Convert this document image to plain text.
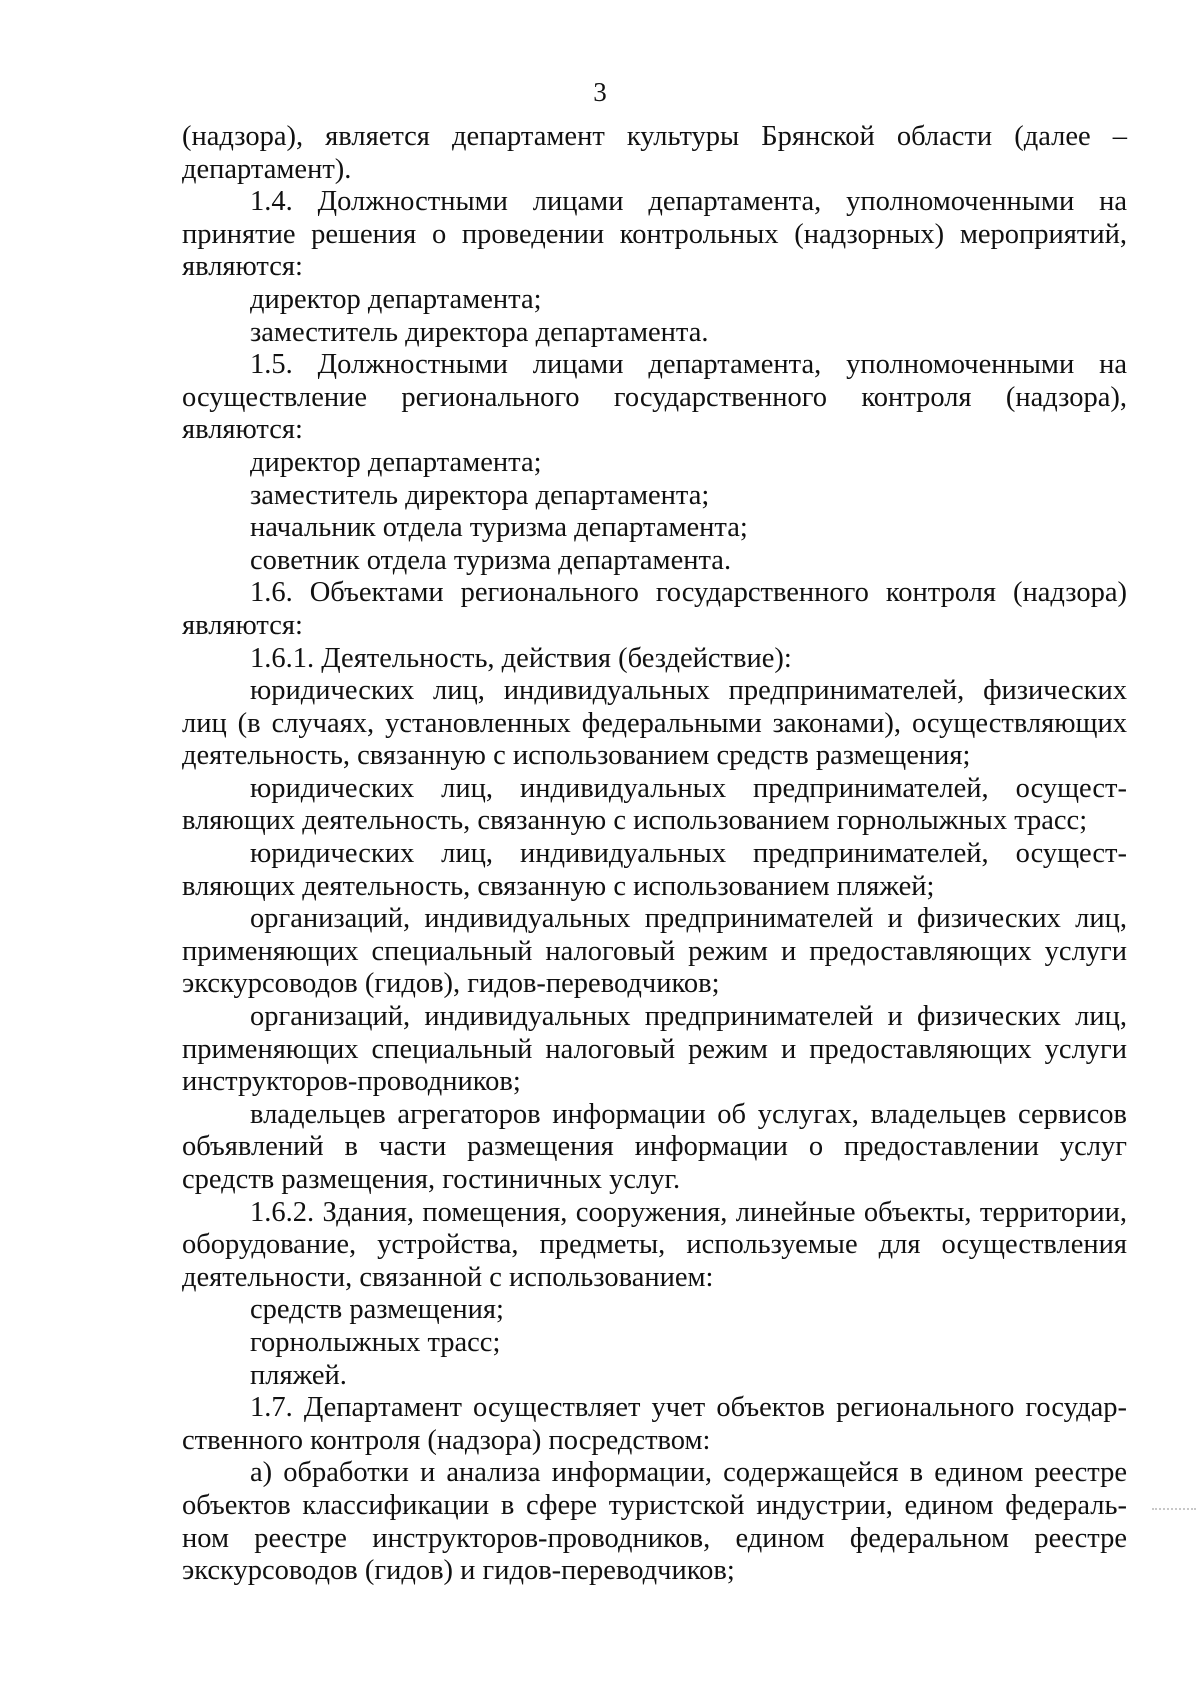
3

(надзора), является департамент культуры Брянской области (далее – департамент).

1.4. Должностными лицами департамента, уполномоченными на принятие решения о проведении контрольных (надзорных) мероприятий, являются:

директор департамента;

заместитель директора департамента.

1.5. Должностными лицами департамента, уполномоченными на осуществление регионального государственного контроля (надзора), являются:

директор департамента;

заместитель директора департамента;

начальник отдела туризма департамента;

советник отдела туризма департамента.

1.6. Объектами регионального государственного контроля (надзора) являются:

1.6.1. Деятельность, действия (бездействие):

юридических лиц, индивидуальных предпринимателей, физических лиц (в случаях, установленных федеральными законами), осуществляющих деятельность, связанную с использованием средств размещения;

юридических лиц, индивидуальных предпринимателей, осуществляющих деятельность, связанную с использованием горнолыжных трасс;

юридических лиц, индивидуальных предпринимателей, осуществляющих деятельность, связанную с использованием пляжей;

организаций, индивидуальных предпринимателей и физических лиц, применяющих специальный налоговый режим и предоставляющих услуги экскурсоводов (гидов), гидов-переводчиков;

организаций, индивидуальных предпринимателей и физических лиц, применяющих специальный налоговый режим и предоставляющих услуги инструкторов-проводников;

владельцев агрегаторов информации об услугах, владельцев сервисов объявлений в части размещения информации о предоставлении услуг средств размещения, гостиничных услуг.

1.6.2. Здания, помещения, сооружения, линейные объекты, территории, оборудование, устройства, предметы, используемые для осуществления деятельности, связанной с использованием:

средств размещения;

горнолыжных трасс;

пляжей.

1.7. Департамент осуществляет учет объектов регионального государственного контроля (надзора) посредством:

а) обработки и анализа информации, содержащейся в едином реестре объектов классификации в сфере туристской индустрии, едином федеральном реестре инструкторов-проводников, едином федеральном реестре экскурсоводов (гидов) и гидов-переводчиков;
